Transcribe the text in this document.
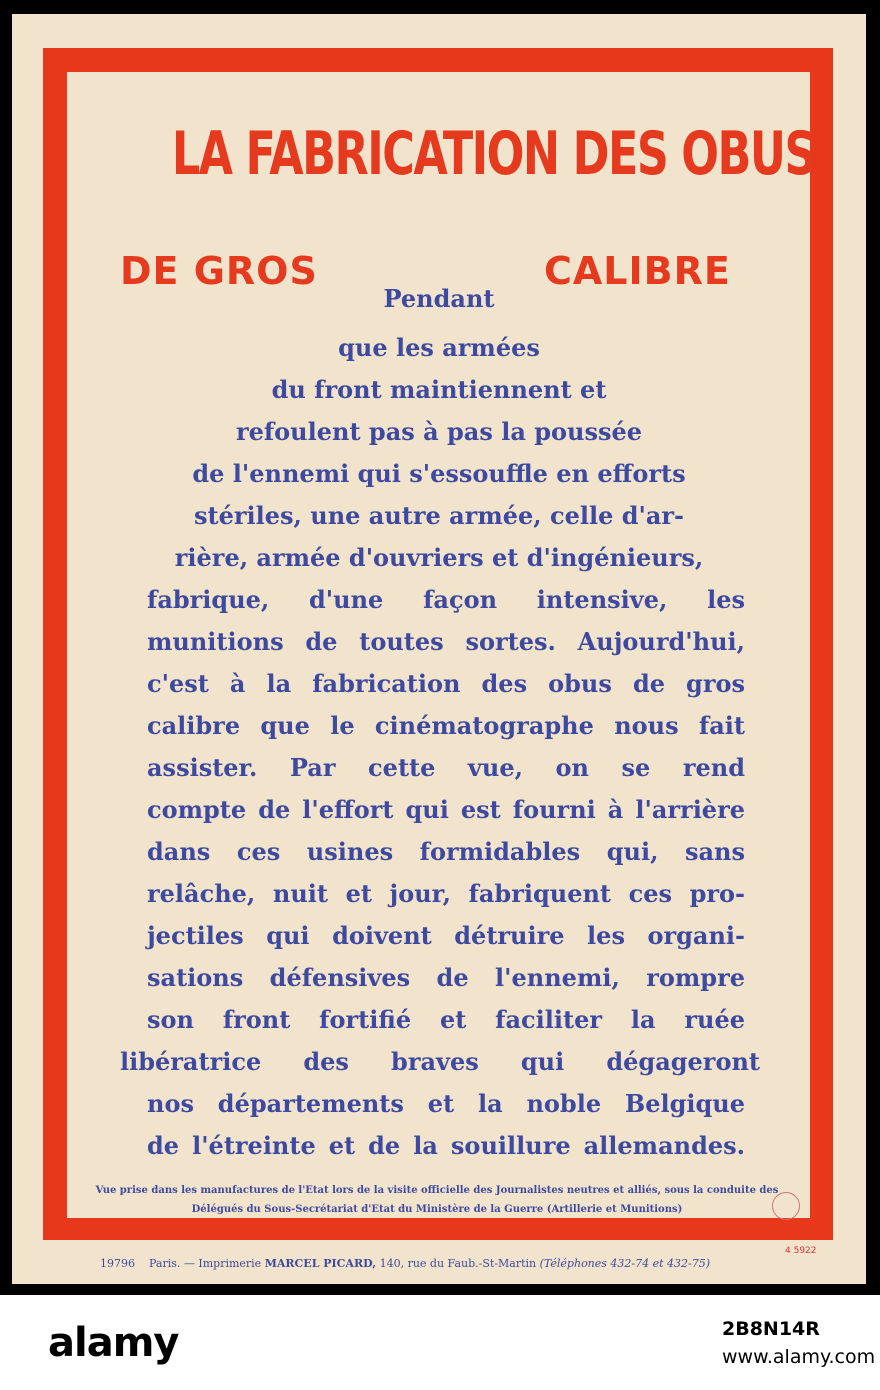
LA FABRICATION DES OBUS
DE GROS	CALIBRE
Pendant
que les armées
du front maintiennent et
refoulent pas à pas la poussée
de l'ennemi qui s'essouffle en efforts
stériles, une autre armée, celle d'ar-
rière, armée d'ouvriers et d'ingénieurs,
fabrique, d'une façon intensive, les
munitions de toutes sortes. Aujourd'hui,
c'est à la fabrication des obus de gros
calibre que le cinématographe nous fait
assister. Par cette vue, on se rend
compte de l'effort qui est fourni à l'arrière
dans ces usines formidables qui, sans
relâche, nuit et jour, fabriquent ces pro-
jectiles qui doivent détruire les organi-
sations défensives de l'ennemi, rompre
son front fortifié et faciliter la ruée
libératrice des braves qui dégageront
nos départements et la noble Belgique
de l'étreinte et de la souillure allemandes.
Vue prise dans les manufactures de l'Etat lors de la visite officielle des Journalistes neutres et alliés, sous la conduite des
Délégués du Sous-Secrétariat d'Etat du Ministère de la Guerre (Artillerie et Munitions)
19796 Paris. — Imprimerie MARCEL PICARD, 140, rue du Faub.-St-Martin (Téléphones 432-74 et 432-75)
4 5922
alamy	2B8N14R
www.alamy.com
